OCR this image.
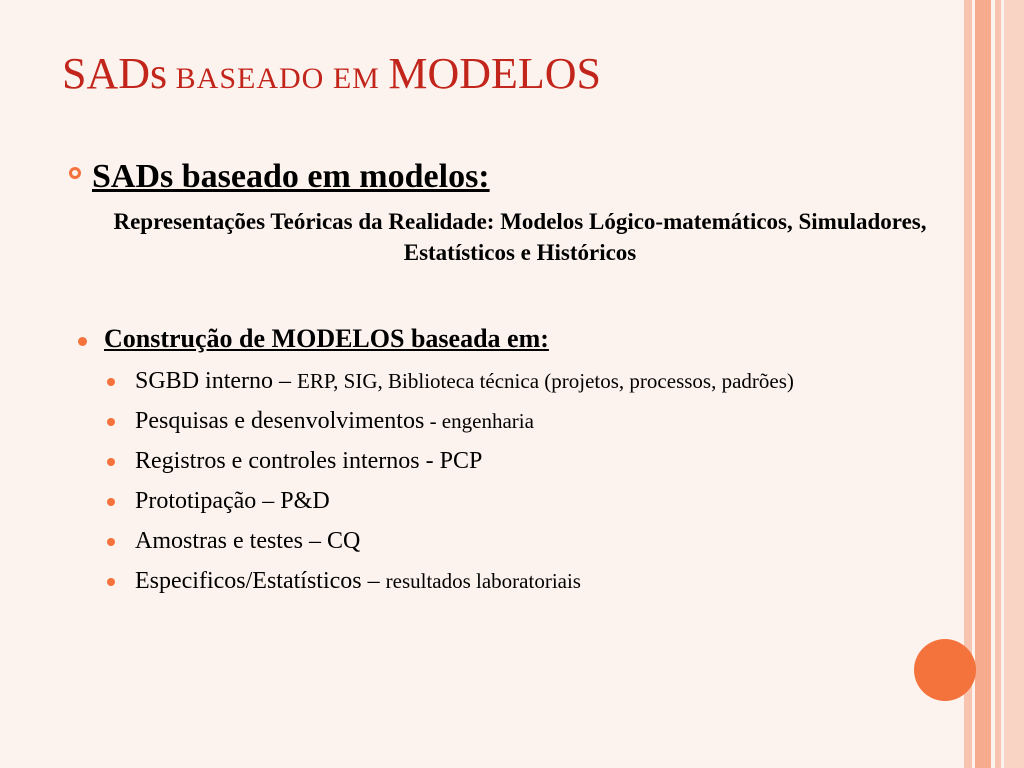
SADs BASEADO EM MODELOS
SADs baseado em modelos:
Representações Teóricas da Realidade: Modelos Lógico-matemáticos, Simuladores, Estatísticos e Históricos
Construção de MODELOS baseada em:
SGBD interno – ERP, SIG, Biblioteca técnica (projetos, processos, padrões)
Pesquisas e desenvolvimentos - engenharia
Registros e controles internos - PCP
Prototipação – P&D
Amostras e testes – CQ
Especificos/Estatísticos – resultados laboratoriais
